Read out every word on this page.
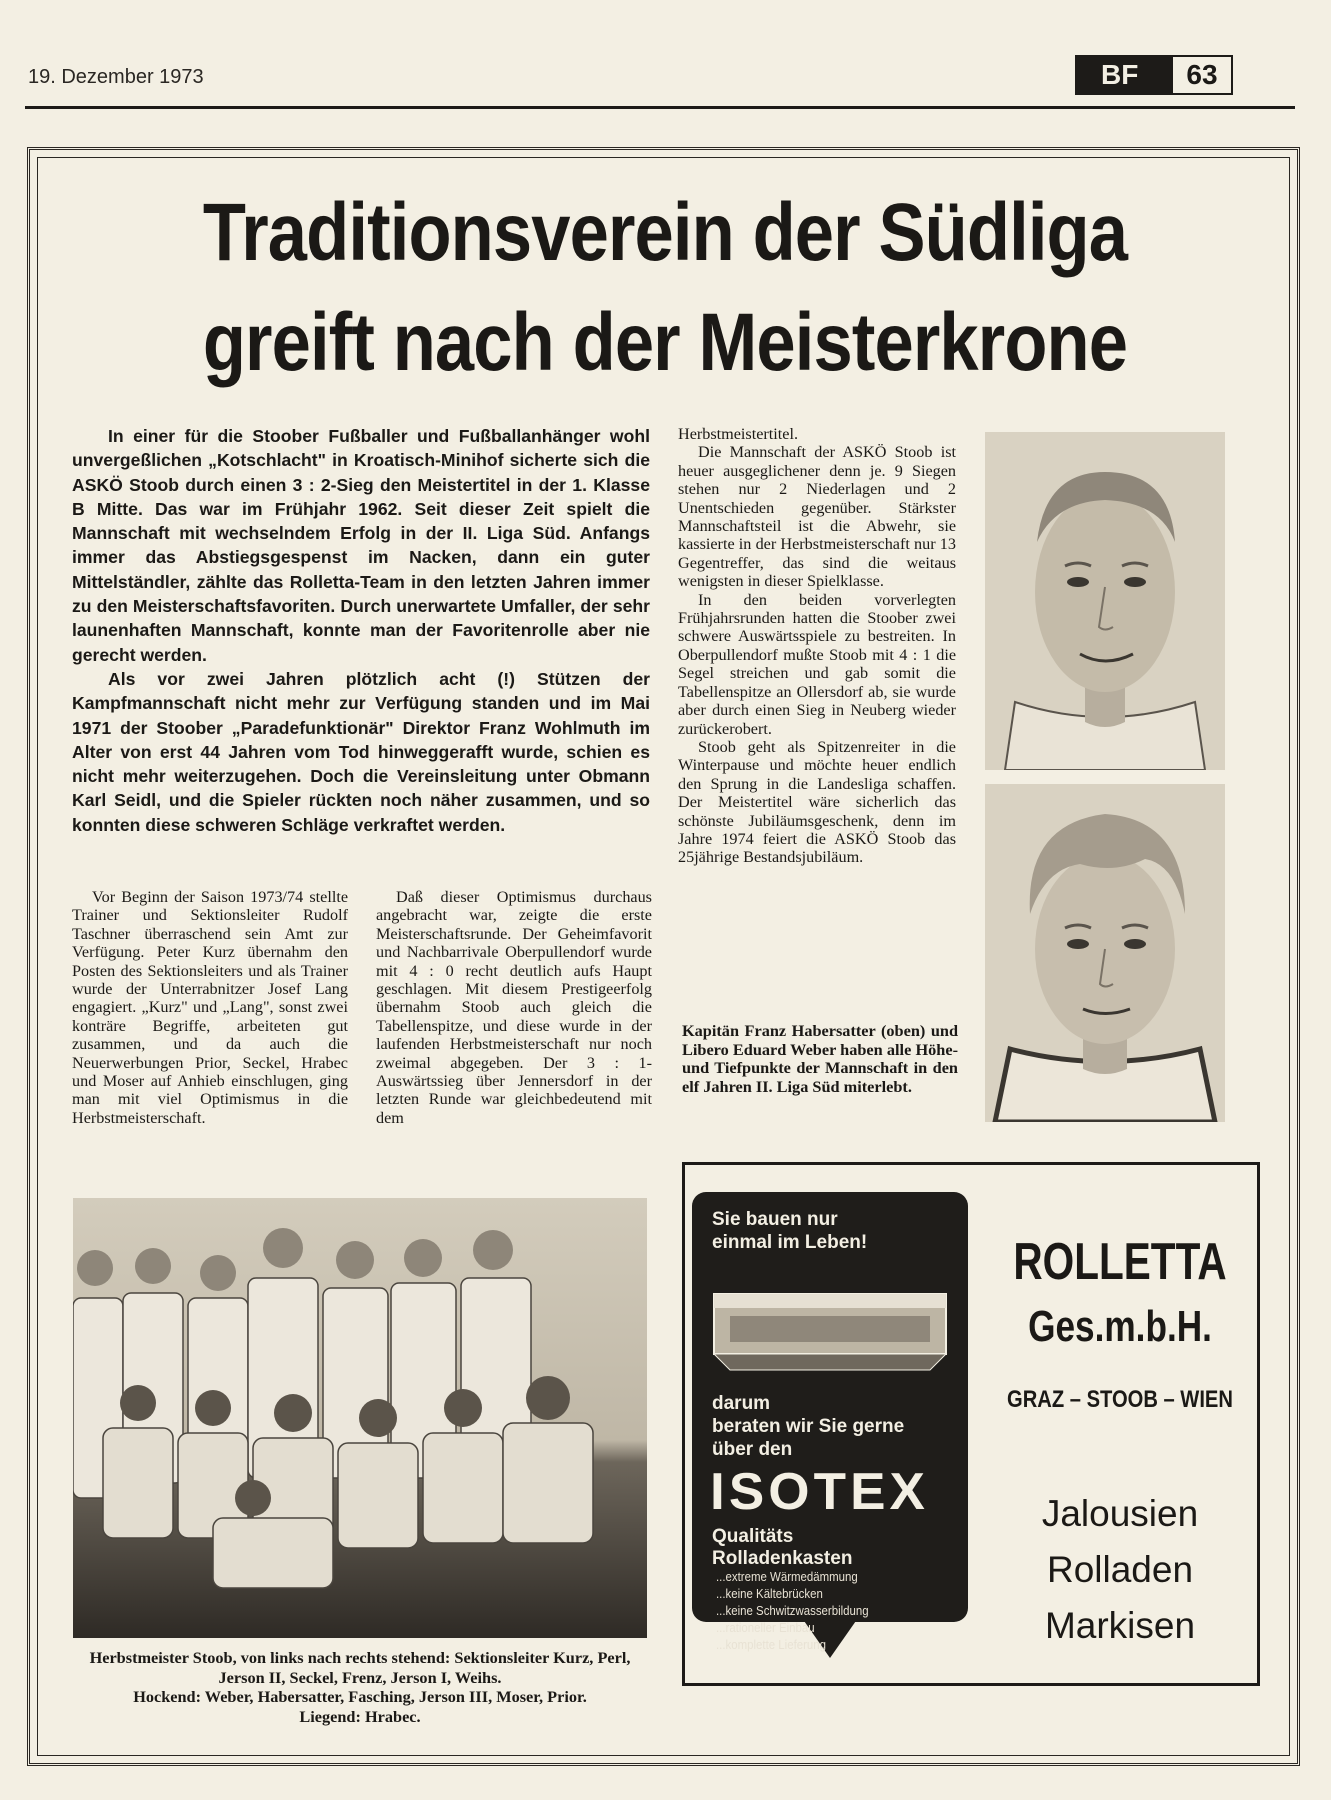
19. Dezember 1973	BF	63
Traditionsverein der Südliga
greift nach der Meisterkrone

In einer für die Stoober Fußballer und Fußballanhänger wohl unvergeßlichen „Kotschlacht" in Kroatisch-Minihof sicherte sich die ASKÖ Stoob durch einen 3 : 2-Sieg den Meistertitel in der 1. Klasse B Mitte. Das war im Frühjahr 1962. Seit dieser Zeit spielt die Mannschaft mit wechselndem Erfolg in der II. Liga Süd. Anfangs immer das Abstiegsgespenst im Nacken, dann ein guter Mittelständler, zählte das Rolletta-Team in den letzten Jahren immer zu den Meisterschaftsfavoriten. Durch unerwartete Umfaller, der sehr launenhaften Mannschaft, konnte man der Favoritenrolle aber nie gerecht werden.

Als vor zwei Jahren plötzlich acht (!) Stützen der Kampfmannschaft nicht mehr zur Verfügung standen und im Mai 1971 der Stoober „Paradefunktionär" Direktor Franz Wohlmuth im Alter von erst 44 Jahren vom Tod hinweggerafft wurde, schien es nicht mehr weiterzugehen. Doch die Vereinsleitung unter Obmann Karl Seidl, und die Spieler rückten noch näher zusammen, und so konnten diese schweren Schläge verkraftet werden.

Vor Beginn der Saison 1973/74 stellte Trainer und Sektionsleiter Rudolf Taschner überraschend sein Amt zur Verfügung. Peter Kurz übernahm den Posten des Sektionsleiters und als Trainer wurde der Unterrabnitzer Josef Lang engagiert. „Kurz" und „Lang", sonst zwei konträre Begriffe, arbeiteten gut zusammen, und da auch die Neuerwerbungen Prior, Seckel, Hrabec und Moser auf Anhieb einschlugen, ging man mit viel Optimismus in die Herbstmeisterschaft.

Daß dieser Optimismus durchaus angebracht war, zeigte die erste Meisterschaftsrunde. Der Geheimfavorit und Nachbarrivale Oberpullendorf wurde mit 4 : 0 recht deutlich aufs Haupt geschlagen. Mit diesem Prestigeerfolg übernahm Stoob auch gleich die Tabellenspitze, und diese wurde in der laufenden Herbstmeisterschaft nur noch zweimal abgegeben. Der 3 : 1-Auswärtssieg über Jennersdorf in der letzten Runde war gleichbedeutend mit dem

Herbstmeistertitel.

Die Mannschaft der ASKÖ Stoob ist heuer ausgeglichener denn je. 9 Siegen stehen nur 2 Niederlagen und 2 Unentschieden gegenüber. Stärkster Mannschaftsteil ist die Abwehr, sie kassierte in der Herbstmeisterschaft nur 13 Gegentreffer, das sind die weitaus wenigsten in dieser Spielklasse.

In den beiden vorverlegten Frühjahrsrunden hatten die Stoober zwei schwere Auswärtsspiele zu bestreiten. In Oberpullendorf mußte Stoob mit 4 : 1 die Segel streichen und gab somit die Tabellenspitze an Ollersdorf ab, sie wurde aber durch einen Sieg in Neuberg wieder zurückerobert.

Stoob geht als Spitzenreiter in die Winterpause und möchte heuer endlich den Sprung in die Landesliga schaffen. Der Meistertitel wäre sicherlich das schönste Jubiläumsgeschenk, denn im Jahre 1974 feiert die ASKÖ Stoob das 25jährige Bestandsjubiläum.

Kapitän Franz Habersatter (oben) und Libero Eduard Weber haben alle Höhe- und Tiefpunkte der Mannschaft in den elf Jahren II. Liga Süd miterlebt.
Herbstmeister Stoob, von links nach rechts stehend: Sektionsleiter Kurz, Perl, Jerson II, Seckel, Frenz, Jerson I, Weihs.
Hockend: Weber, Habersatter, Fasching, Jerson III, Moser, Prior.
Liegend: Hrabec.
Sie bauen nur
einmal im Leben!
darum
beraten wir Sie gerne
über den
ISOTEX
Qualitäts
Rolladenkasten
...extreme Wärmedämmung
...keine Kältebrücken
...keine Schwitzwasserbildung
...rationeller Einbau
...komplette Lieferung
ROLLETTA
Ges.m.b.H.
GRAZ – STOOB – WIEN
Jalousien
Rolladen
Markisen
